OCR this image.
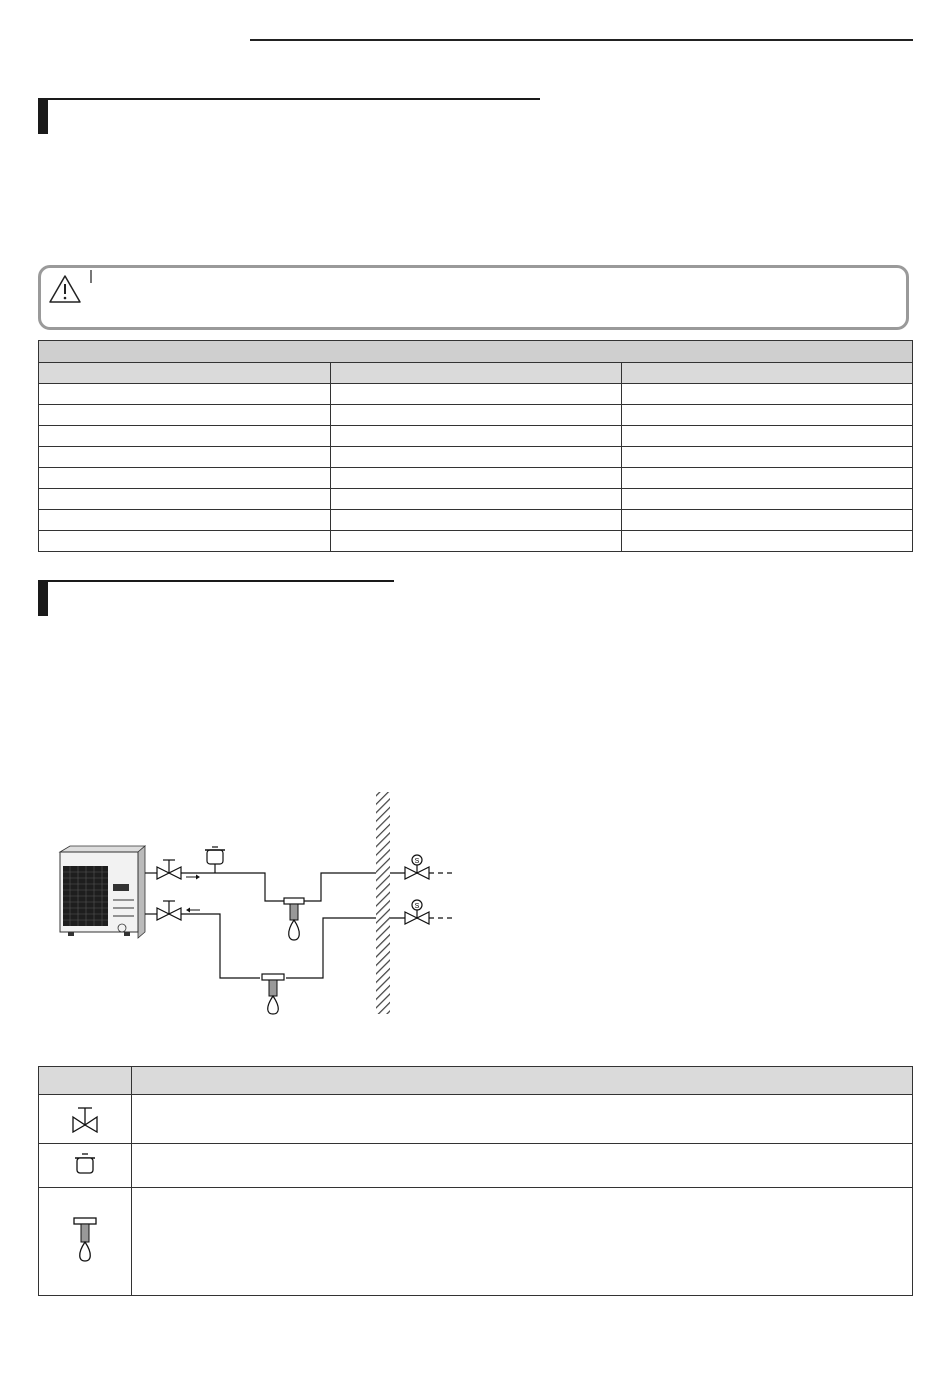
S
S
